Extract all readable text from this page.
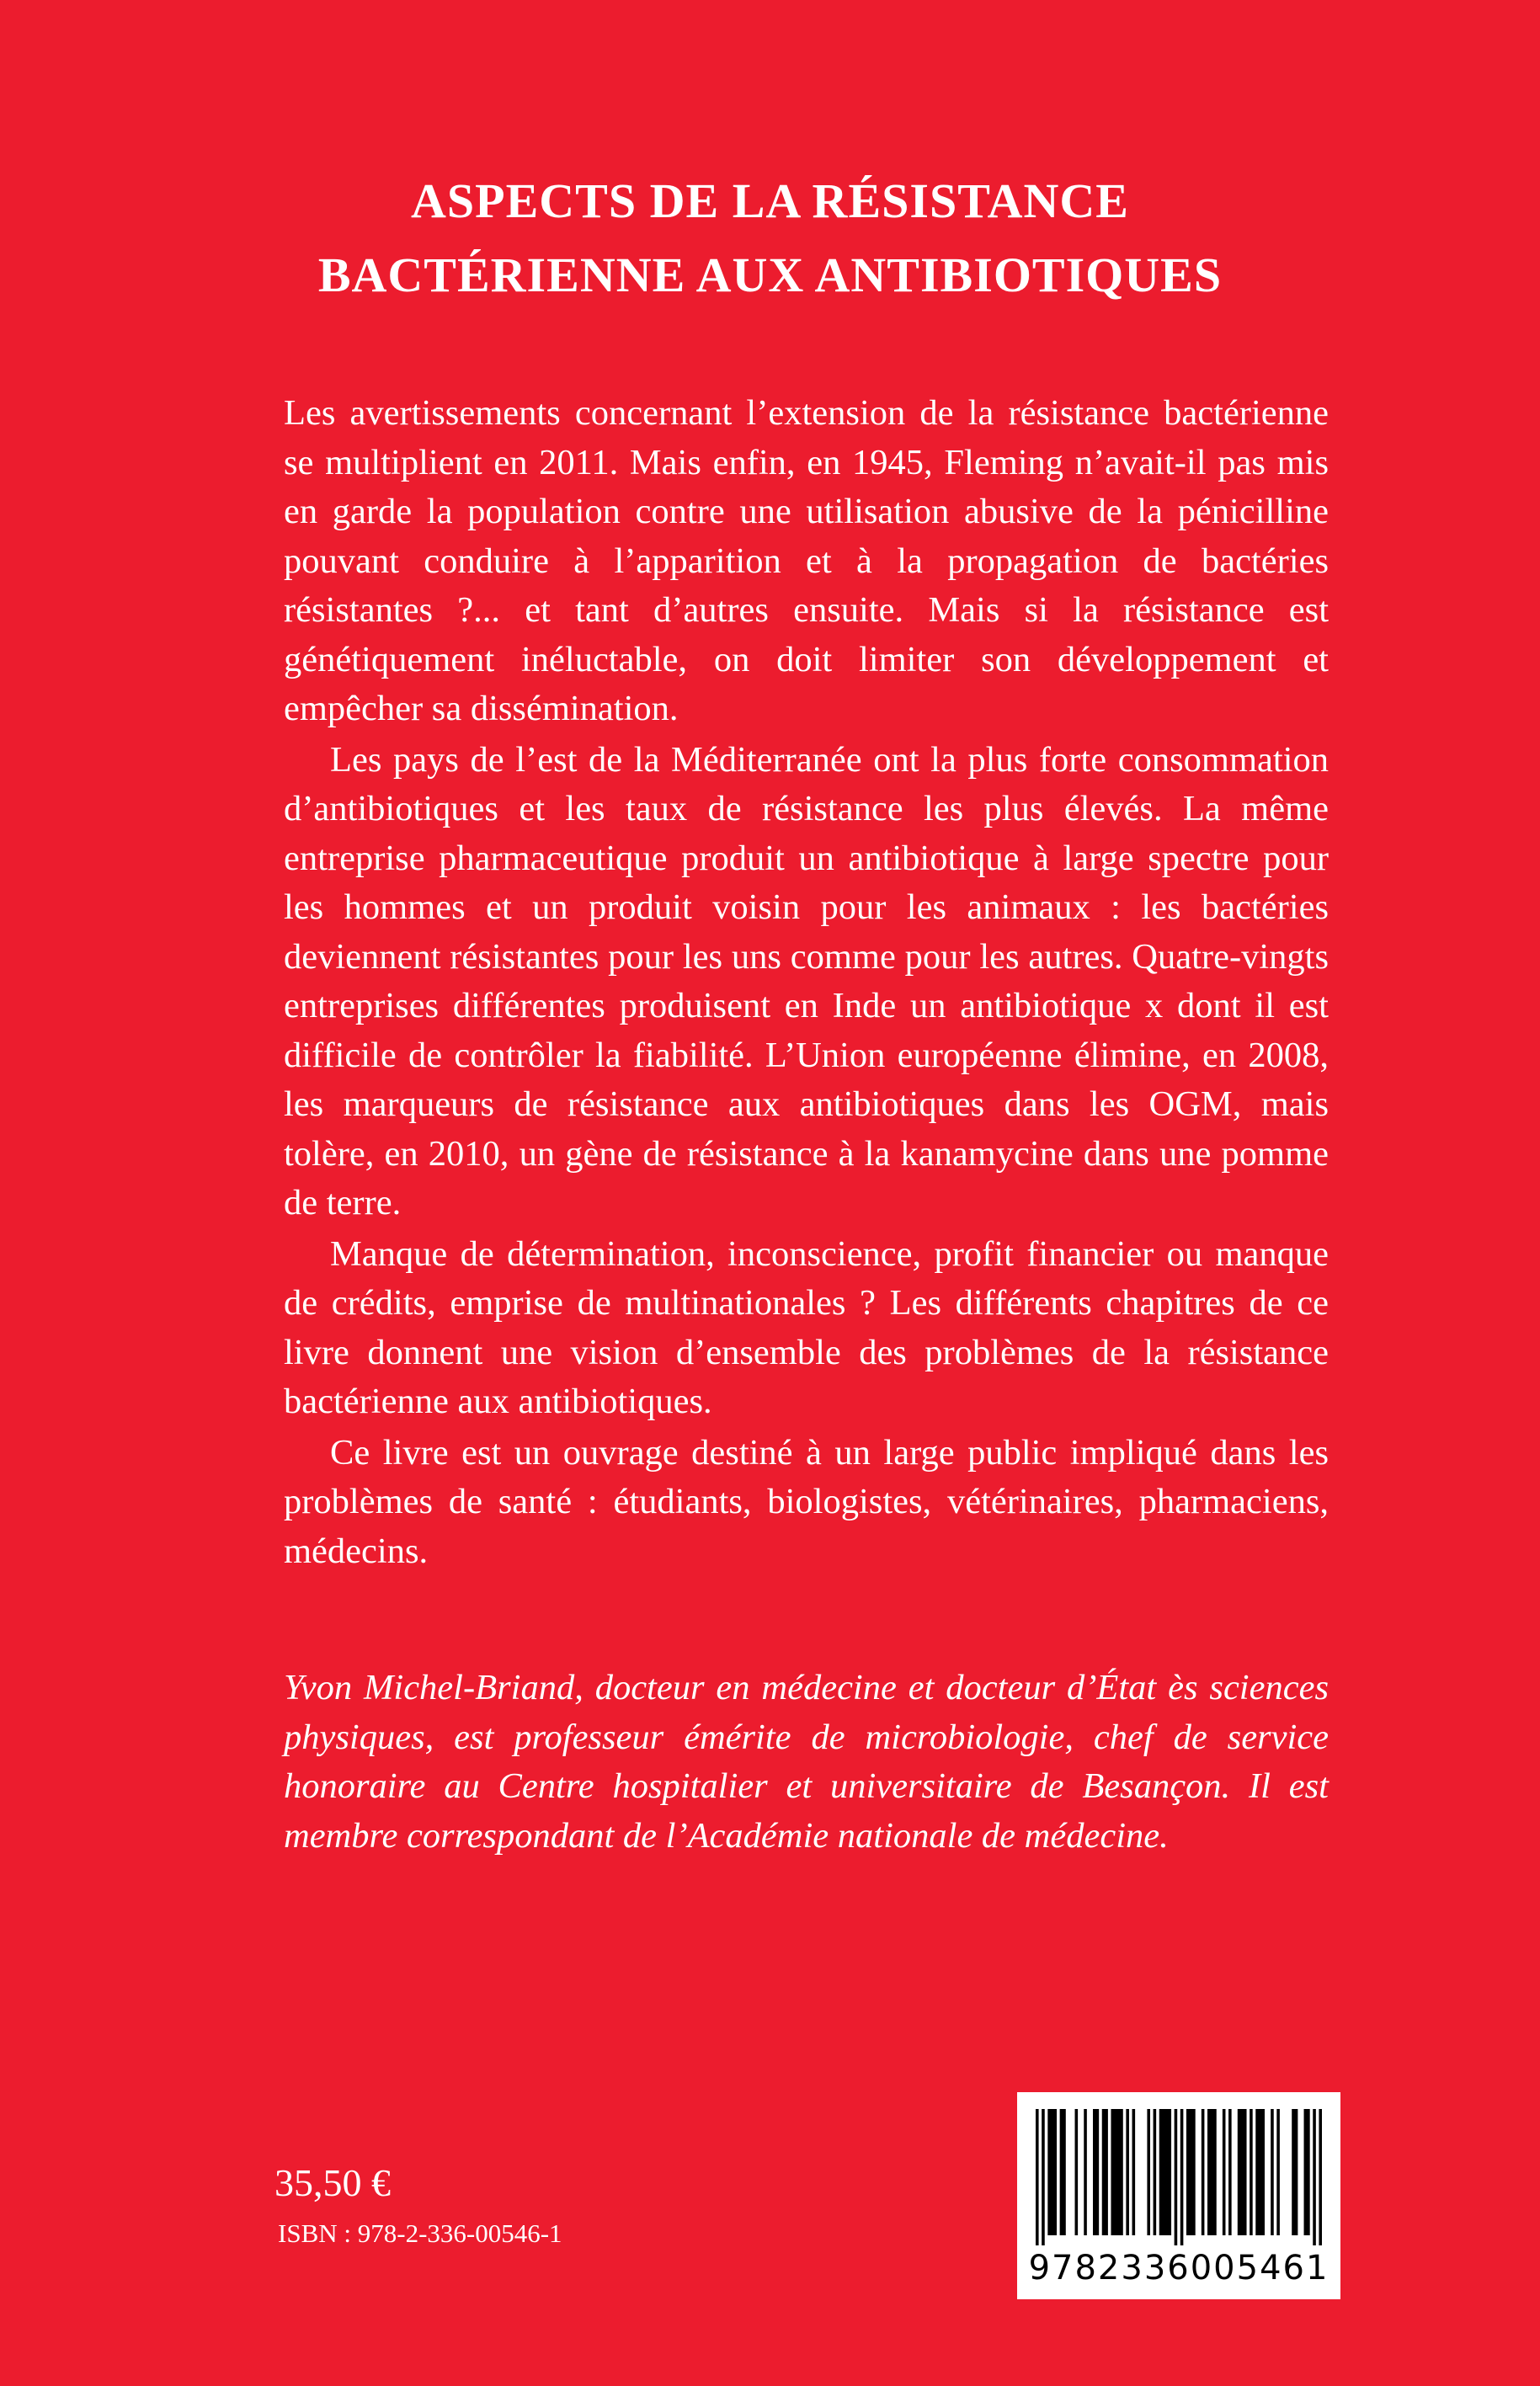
ASPECTS DE LA RÉSISTANCE
BACTÉRIENNE AUX ANTIBIOTIQUES

Les avertissements concernant l’extension de la résistance bactérienne se multiplient en 2011. Mais enfin, en 1945, Fleming n’avait-il pas mis en garde la population contre une utilisation abusive de la pénicilline pouvant conduire à l’apparition et à la propagation de bactéries résistantes ?... et tant d’autres ensuite. Mais si la résistance est génétiquement inéluctable, on doit limiter son développement et empêcher sa dissémination.

Les pays de l’est de la Méditerranée ont la plus forte consommation d’antibiotiques et les taux de résistance les plus élevés. La même entreprise pharmaceutique produit un antibiotique à large spectre pour les hommes et un produit voisin pour les animaux : les bactéries deviennent résistantes pour les uns comme pour les autres. Quatre-vingts entreprises différentes produisent en Inde un antibiotique x dont il est difficile de contrôler la fiabilité. L’Union européenne élimine, en 2008, les marqueurs de résistance aux antibiotiques dans les OGM, mais tolère, en 2010, un gène de résistance à la kanamycine dans une pomme de terre.

Manque de détermination, inconscience, profit financier ou manque de crédits, emprise de multinationales ? Les différents chapitres de ce livre donnent une vision d’ensemble des problèmes de la résistance bactérienne aux antibiotiques.

Ce livre est un ouvrage destiné à un large public impliqué dans les problèmes de santé : étudiants, biologistes, vétérinaires, pharmaciens, médecins.

Yvon Michel-Briand, docteur en médecine et docteur d’État ès sciences physiques, est professeur émérite de microbiologie, chef de service honoraire au Centre hospitalier et universitaire de Besançon. Il est membre correspondant de l’Académie nationale de médecine.

35,50 €
ISBN : 978-2-336-00546-1
9782336005461
